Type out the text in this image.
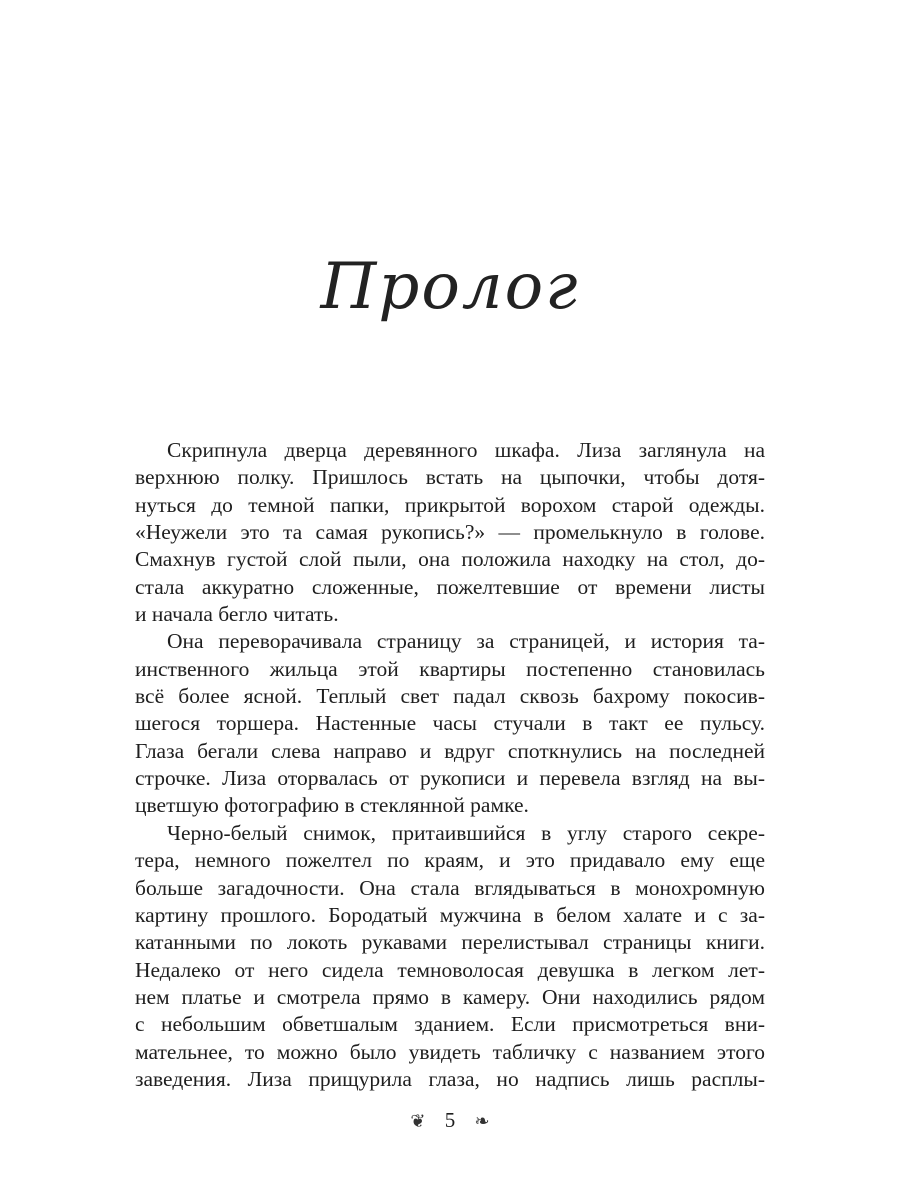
Пролог
Скрипнула дверца деревянного шкафа. Лиза заглянула на
верхнюю полку. Пришлось встать на цыпочки, чтобы дотя-
нуться до темной папки, прикрытой ворохом старой одежды.
«Неужели это та самая рукопись?» — промелькнуло в голове.
Смахнув густой слой пыли, она положила находку на стол, до-
стала аккуратно сложенные, пожелтевшие от времени листы
и начала бегло читать.
Она переворачивала страницу за страницей, и история та-
инственного жильца этой квартиры постепенно становилась
всё более ясной. Теплый свет падал сквозь бахрому покосив-
шегося торшера. Настенные часы стучали в такт ее пульсу.
Глаза бегали слева направо и вдруг споткнулись на последней
строчке. Лиза оторвалась от рукописи и перевела взгляд на вы-
цветшую фотографию в стеклянной рамке.
Черно-белый снимок, притаившийся в углу старого секре-
тера, немного пожелтел по краям, и это придавало ему еще
больше загадочности. Она стала вглядываться в монохромную
картину прошлого. Бородатый мужчина в белом халате и с за-
катанными по локоть рукавами перелистывал страницы книги.
Недалеко от него сидела темноволосая девушка в легком лет-
нем платье и смотрела прямо в камеру. Они находились рядом
с небольшим обветшалым зданием. Если присмотреться вни-
мательнее, то можно было увидеть табличку с названием этого
заведения. Лиза прищурила глаза, но надпись лишь расплы-
❦ 5 ❧
